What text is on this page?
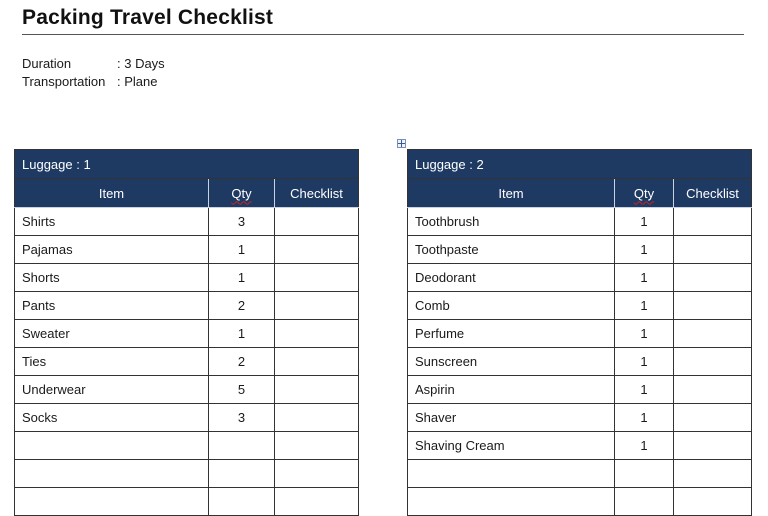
Packing Travel Checklist
Duration	: 3 Days
Transportation : Plane
Luggage : 1		
Item	Qty	Checklist
Shirts	3	
Pajamas	1	
Shorts	1	
Pants	2	
Sweater	1	
Ties	2	
Underwear	5	
Socks	3	

Luggage : 2		
Item	Qty	Checklist
Toothbrush	1	
Toothpaste	1	
Deodorant	1	
Comb	1	
Perfume	1	
Sunscreen	1	
Aspirin	1	
Shaver	1	
Shaving Cream	1	
